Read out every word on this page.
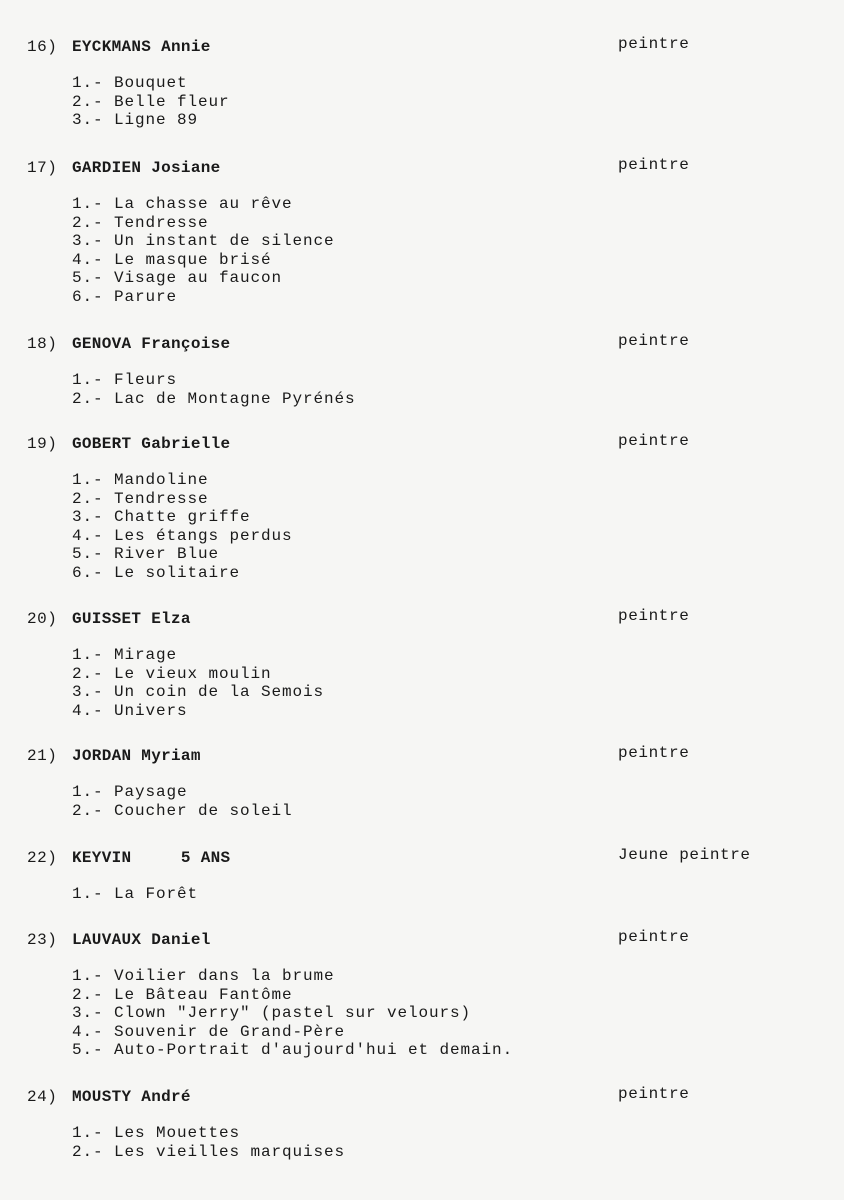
16) EYCKMANS Annie	peintre
1.- Bouquet
2.- Belle fleur
3.- Ligne 89
17) GARDIEN Josiane	peintre
1.- La chasse au rêve
2.- Tendresse
3.- Un instant de silence
4.- Le masque brisé
5.- Visage au faucon
6.- Parure
18) GENOVA Françoise	peintre
1.- Fleurs
2.- Lac de Montagne Pyrénés
19) GOBERT Gabrielle	peintre
1.- Mandoline
2.- Tendresse
3.- Chatte griffe
4.- Les étangs perdus
5.- River Blue
6.- Le solitaire
20) GUISSET Elza	peintre
1.- Mirage
2.- Le vieux moulin
3.- Un coin de la Semois
4.- Univers
21) JORDAN Myriam	peintre
1.- Paysage
2.- Coucher de soleil
22) KEYVIN     5 ANS	Jeune peintre
1.- La Forêt
23) LAUVAUX Daniel	peintre
1.- Voilier dans la brume
2.- Le Bâteau Fantôme
3.- Clown "Jerry" (pastel sur velours)
4.- Souvenir de Grand-Père
5.- Auto-Portrait d'aujourd'hui et demain.
24) MOUSTY André	peintre
1.- Les Mouettes
2.- Les vieilles marquises
